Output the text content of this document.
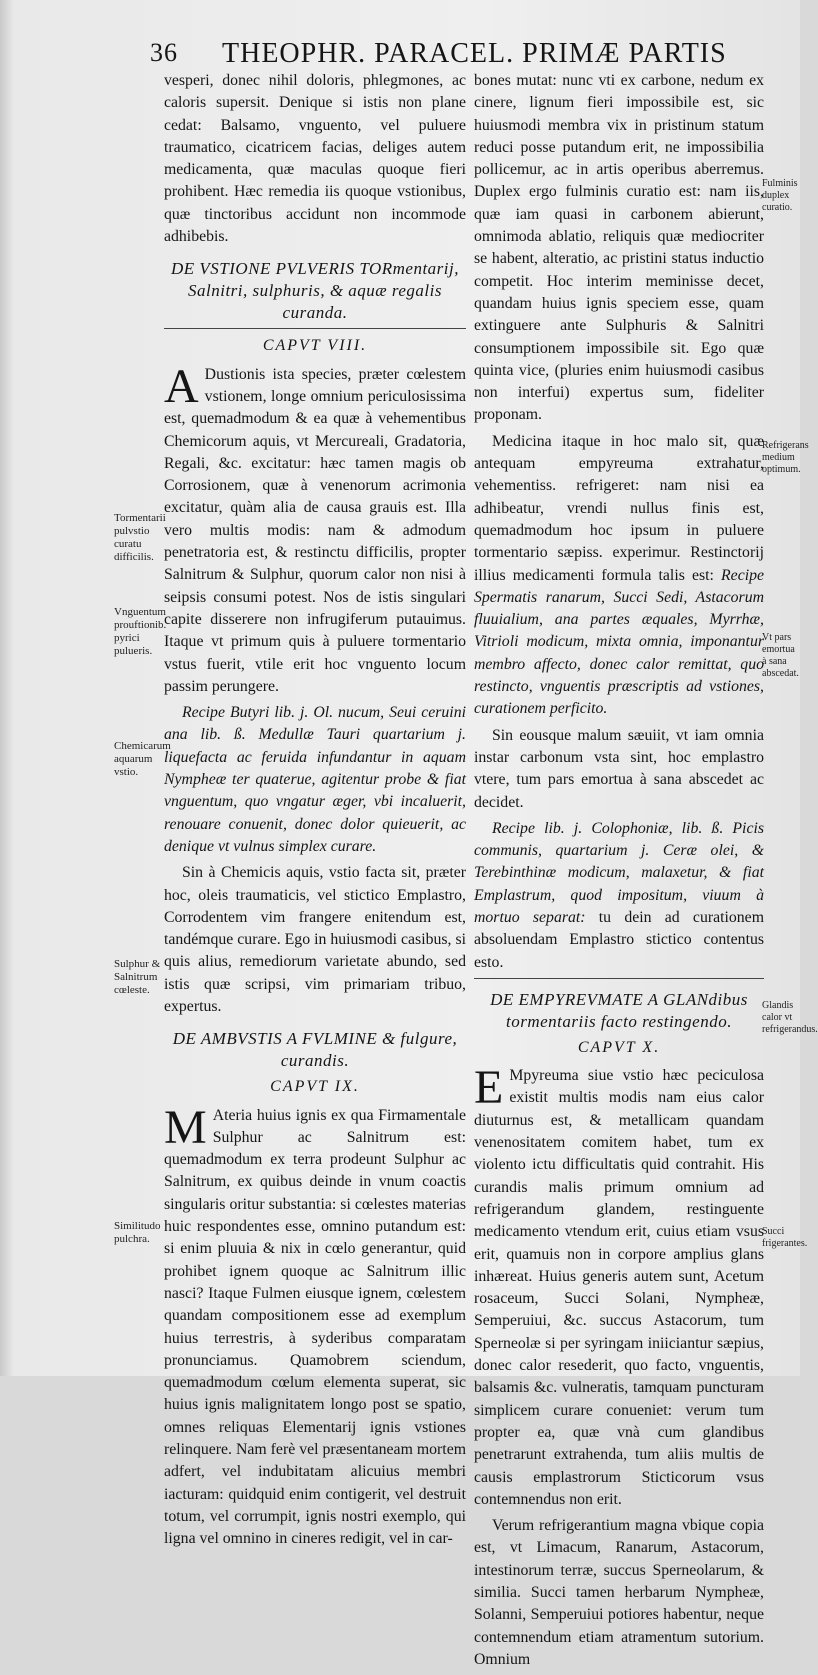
36 THEOPHR. PARACEL. PRIMÆ PARTIS

vesperi, donec nihil doloris, phlegmones, ac caloris supersit. Denique si istis non plane cedat: Balsamo, vnguento, vel puluere traumatico, cicatricem facias, deliges autem medicamenta, quæ maculas quoque fieri prohibent. Hæc remedia iis quoque vstionibus, quæ tinctoribus accidunt non incommode adhibebis.

DE VSTIONE PVLVERIS TORmentarij, Salnitri, sulphuris, & aquæ regalis curanda.
CAPVT VIII.

A Dustionis ista species, præter cœlestem vstionem, longe omnium periculosissima est, quemadmodum & ea quæ à vehementibus Chemicorum aquis, vt Mercureali, Gradatoria, Regali, &c. excitatur: hæc tamen magis ob Corrosionem, quæ à venenorum acrimonia excitatur, quàm alia de causa grauis est. Illa vero multis modis: nam & admodum penetratoria est, & restinctu difficilis, propter Salnitrum & Sulphur, quorum calor non nisi à seipsis consumi potest. Nos de istis singulari capite disserere non infrugiferum putauimus. Itaque vt primum quis à puluere tormentario vstus fuerit, vtile erit hoc vnguento locum passim perungere.

Recipe Butyri lib. j. Ol. nucum, Seui ceruini ana lib. ß. Medullæ Tauri quartarium j. liquefacta ac feruida infundantur in aquam Nympheæ ter quaterue, agitentur probe & fiat vnguentum, quo vngatur æger, vbi incaluerit, renouare conuenit, donec dolor quieuerit, ac denique vt vulnus simplex curare.

Sin à Chemicis aquis, vstio facta sit, præter hoc, oleis traumaticis, vel stictico Emplastro, Corrodentem vim frangere enitendum est, tandémque curare. Ego in huiusmodi casibus, si quis alius, remediorum varietate abundo, sed istis quæ scripsi, vim primariam tribuo, expertus.

DE AMBVSTIS A FVLMINE & fulgure, curandis.
CAPVT IX.

M Ateria huius ignis ex qua Firmamentale Sulphur ac Salnitrum est: quemadmodum ex terra prodeunt Sulphur ac Salnitrum, ex quibus deinde in vnum coactis singularis oritur substantia: si cœlestes materias huic respondentes esse, omnino putandum est: si enim pluuia & nix in cœlo generantur, quid prohibet ignem quoque ac Salnitrum illic nasci? Itaque Fulmen eiusque ignem, cœlestem quandam compositionem esse ad exemplum huius terrestris, à syderibus comparatam pronunciamus. Quamobrem sciendum, quemadmodum cœlum elementa superat, sic huius ignis malignitatem longo post se spatio, omnes reliquas Elementarij ignis vstiones relinquere. Nam ferè vel præsentaneam mortem adfert, vel indubitatam alicuius membri iacturam: quidquid enim contigerit, vel destruit totum, vel corrumpit, ignis nostri exemplo, qui ligna vel omnino in cineres redigit, vel in car-

bones mutat: nunc vti ex carbone, nedum ex cinere, lignum fieri impossibile est, sic huiusmodi membra vix in pristinum statum reduci posse putandum erit, ne impossibilia pollicemur, ac in artis operibus aberremus. Duplex ergo fulminis curatio est: nam iis, quæ iam quasi in carbonem abierunt, omnimoda ablatio, reliquis quæ mediocriter se habent, alteratio, ac pristini status inductio competit. Hoc interim meminisse decet, quandam huius ignis speciem esse, quam extinguere ante Sulphuris & Salnitri consumptionem impossibile sit. Ego quæ quinta vice, (pluries enim huiusmodi casibus non interfui) expertus sum, fideliter proponam.

Medicina itaque in hoc malo sit, quæ antequam empyreuma extrahatur, vehementiss. refrigeret: nam nisi ea adhibeatur, vrendi nullus finis est, quemadmodum hoc ipsum in puluere tormentario sæpiss. experimur. Restinctorij illius medicamenti formula talis est: Recipe Spermatis ranarum, Succi Sedi, Astacorum fluuialium, ana partes æquales, Myrrhæ, Vitrioli modicum, mixta omnia, imponantur membro affecto, donec calor remittat, quo restincto, vnguentis præscriptis ad vstiones, curationem perficito.

Sin eousque malum sæuiit, vt iam omnia instar carbonum vsta sint, hoc emplastro vtere, tum pars emortua à sana abscedet ac decidet.

Recipe lib. j. Colophoniæ, lib. ß. Picis communis, quartarium j. Ceræ olei, & Terebinthinæ modicum, malaxetur, & fiat Emplastrum, quod impositum, viuum à mortuo separat: tu dein ad curationem absoluendam Emplastro stictico contentus esto.

DE EMPYREVMATE A GLANdibus tormentariis facto restingendo.
CAPVT X.

E Mpyreuma siue vstio hæc peciculosa existit multis modis nam eius calor diuturnus est, & metallicam quandam venenositatem comitem habet, tum ex violento ictu difficultatis quid contrahit. His curandis malis primum omnium ad refrigerandum glandem, restinguente medicamento vtendum erit, cuius etiam vsus erit, quamuis non in corpore amplius glans inhæreat. Huius generis autem sunt, Acetum rosaceum, Succi Solani, Nympheæ, Semperuiui, &c. succus Astacorum, tum Sperneolæ si per syringam iniiciantur sæpius, donec calor resederit, quo facto, vnguentis, balsamis &c. vulneratis, tamquam puncturam simplicem curare conueniet: verum tum propter ea, quæ vnà cum glandibus penetrarunt extrahenda, tum aliis multis de causis emplastrorum Sticticorum vsus contemnendus non erit.

Verum refrigerantium magna vbique copia est, vt Limacum, Ranarum, Astacorum, intestinorum terræ, succus Sperneolarum, & similia. Succi tamen herbarum Nympheæ, Solanni, Semperuiui potiores habentur, neque contemnendum etiam atramentum sutorium. Omnium

Tormentarii pulvstio curatu difficilis.
Vnguentum prouftionib. pyrici pulueris.
Chemicarum aquarum vstio.
Sulphur & Salnitrum cœleste.
Similitudo pulchra.
Fulminis duplex curatio.
Refrigerans medium optimum.
Vt pars emortua à sana abscedat.
Glandis calor vt refrigerandus.
Succi frigerantes.
